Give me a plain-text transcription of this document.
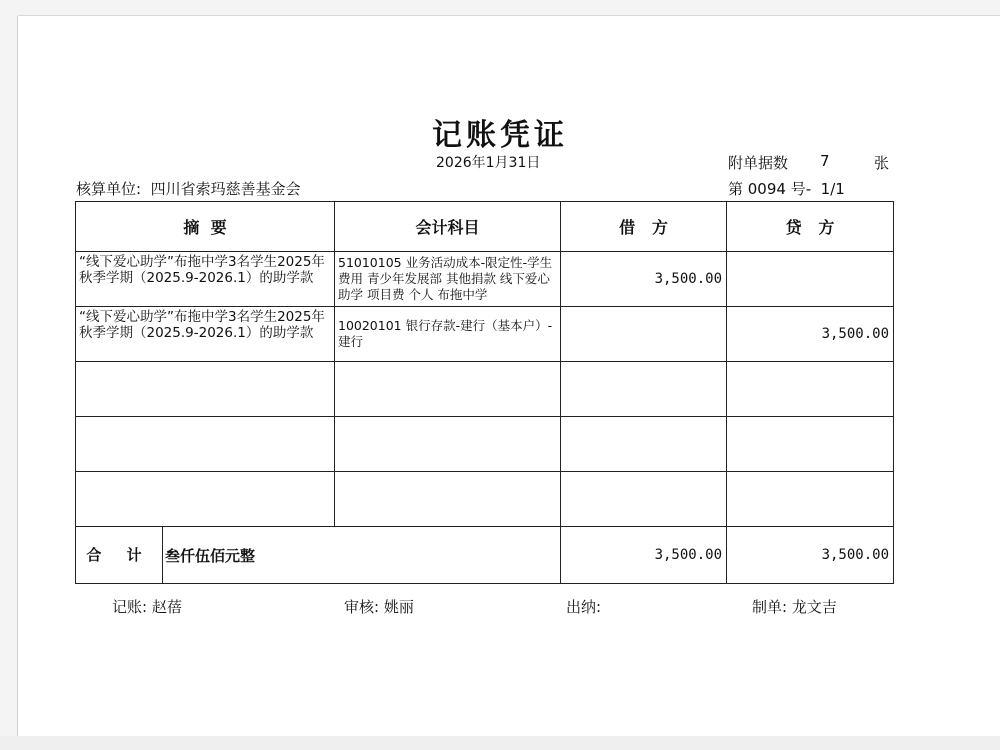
记账凭证
2026年1月31日	附单据数 7	张
核算单位: 四川省索玛慈善基金会	第 0094 号-  1/1
摘  要	会计科目	借   方	贷   方
“线下爱心助学”布拖中学3名学生2025年秋季学期（2025.9-2026.1）的助学款	51010105 业务活动成本-限定性-学生费用 青少年发展部 其他捐款 线下爱心助学 项目费 个人 布拖中学	3,500.00	
“线下爱心助学”布拖中学3名学生2025年秋季学期（2025.9-2026.1）的助学款	10020101 银行存款-建行（基本户）-建行		3,500.00

合 计 叁仟伍佰元整		3,500.00	3,500.00
记账: 赵蓓	审核: 姚丽	出纳:	制单: 龙文吉
